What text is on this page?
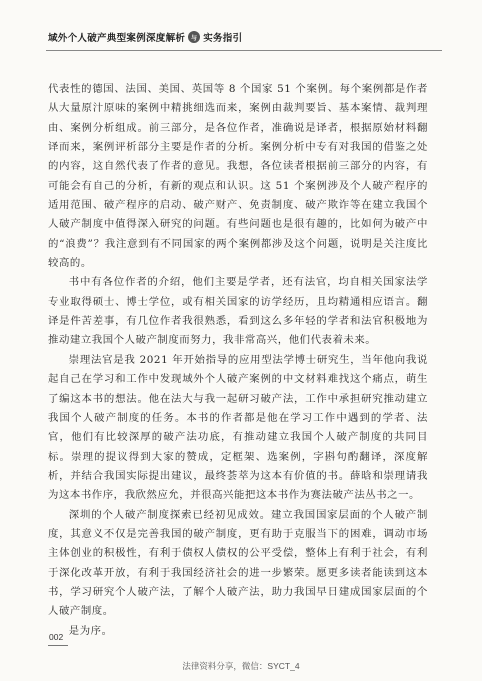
域外个人破产典型案例深度解析 与 实务指引

代表性的德国、法国、美国、英国等 8 个国家 51 个案例。每个案例都是作者从大量原汁原味的案例中精挑细选而来，案例由裁判要旨、基本案情、裁判理由、案例分析组成。前三部分，是各位作者，准确说是译者，根据原始材料翻译而来，案例评析部分主要是作者的分析。案例分析中专有对我国的借鉴之处的内容，这自然代表了作者的意见。我想，各位读者根据前三部分的内容，有可能会有自己的分析，有新的观点和认识。这 51 个案例涉及个人破产程序的适用范围、破产程序的启动、破产财产、免责制度、破产欺诈等在建立我国个人破产制度中值得深入研究的问题。有些问题也是很有趣的，比如何为破产中的“浪费”？我注意到有不同国家的两个案例都涉及这个问题，说明是关注度比较高的。

书中有各位作者的介绍，他们主要是学者，还有法官，均自相关国家法学专业取得硕士、博士学位，或有相关国家的访学经历，且均精通相应语言。翻译是件苦差事，有几位作者我很熟悉，看到这么多年轻的学者和法官积极地为推动建立我国个人破产制度而努力，我非常高兴，他们代表着未来。

崇理法官是我 2021 年开始指导的应用型法学博士研究生，当年他向我说起自己在学习和工作中发现域外个人破产案例的中文材料难找这个痛点，萌生了编这本书的想法。他在法大与我一起研习破产法，工作中承担研究推动建立我国个人破产制度的任务。本书的作者都是他在学习工作中遇到的学者、法官，他们有比较深厚的破产法功底，有推动建立我国个人破产制度的共同目标。崇理的提议得到大家的赞成，定框架、选案例，字斟句酌翻译，深度解析，并结合我国实际提出建议，最终荟萃为这本有价值的书。薛晗和崇理请我为这本书作序，我欣然应允，并很高兴能把这本书作为赛法破产法丛书之一。

深圳的个人破产制度探索已经初见成效。建立我国国家层面的个人破产制度，其意义不仅是完善我国的破产制度，更有助于克服当下的困难，调动市场主体创业的积极性，有利于债权人债权的公平受偿，整体上有利于社会，有利于深化改革开放，有利于我国经济社会的进一步繁荣。愿更多读者能读到这本书，学习研究个人破产法，了解个人破产法，助力我国早日建成国家层面的个人破产制度。

是为序。

002
法律资料分享，微信：SYCT_4
